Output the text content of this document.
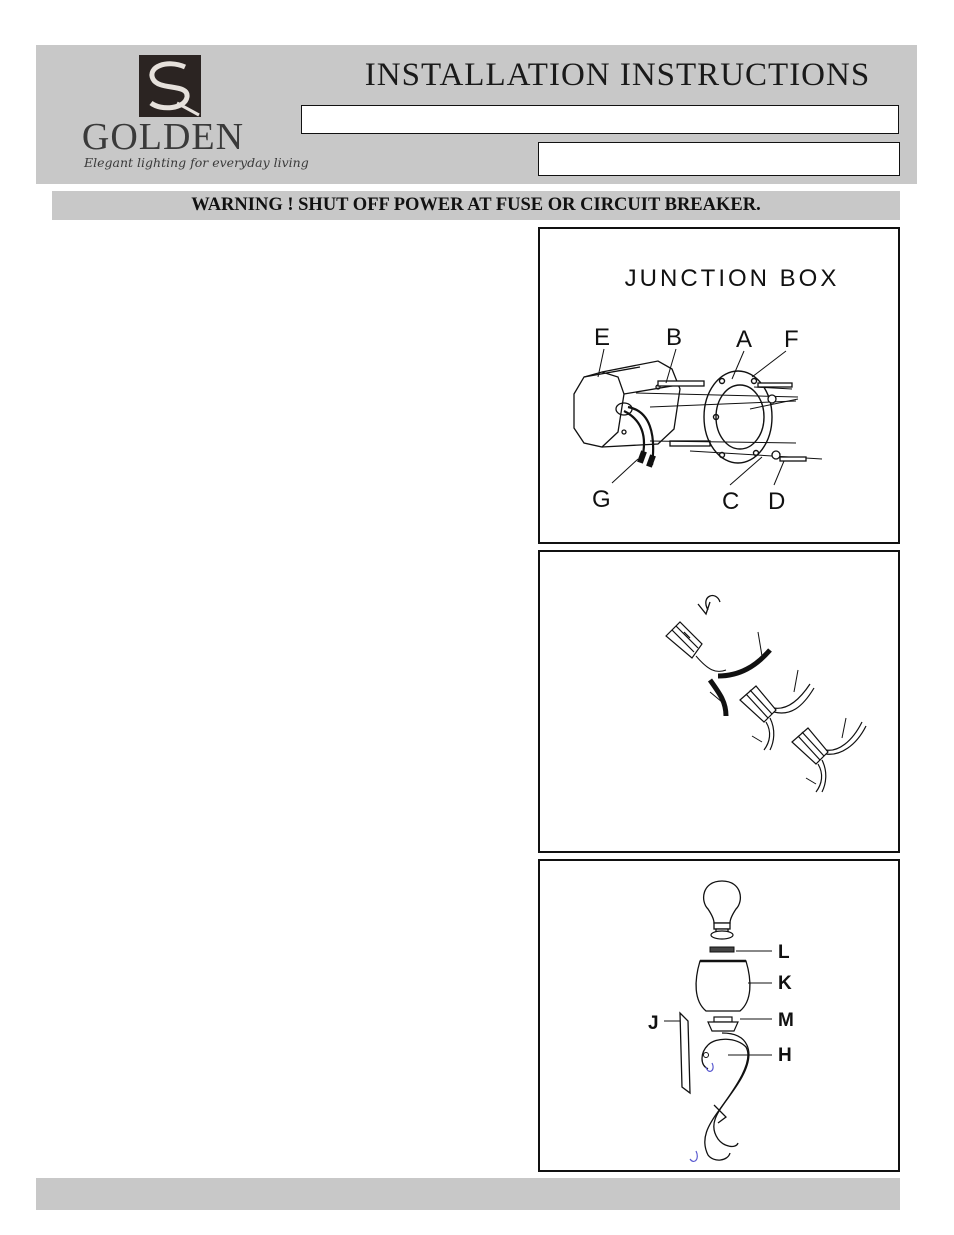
GOLDEN
Elegant lighting for everyday living
INSTALLATION INSTRUCTIONS
WARNING ! SHUT OFF POWER AT FUSE OR CIRCUIT BREAKER.
JUNCTION BOX
E B A F
G	C D
L
K
M
J
H
